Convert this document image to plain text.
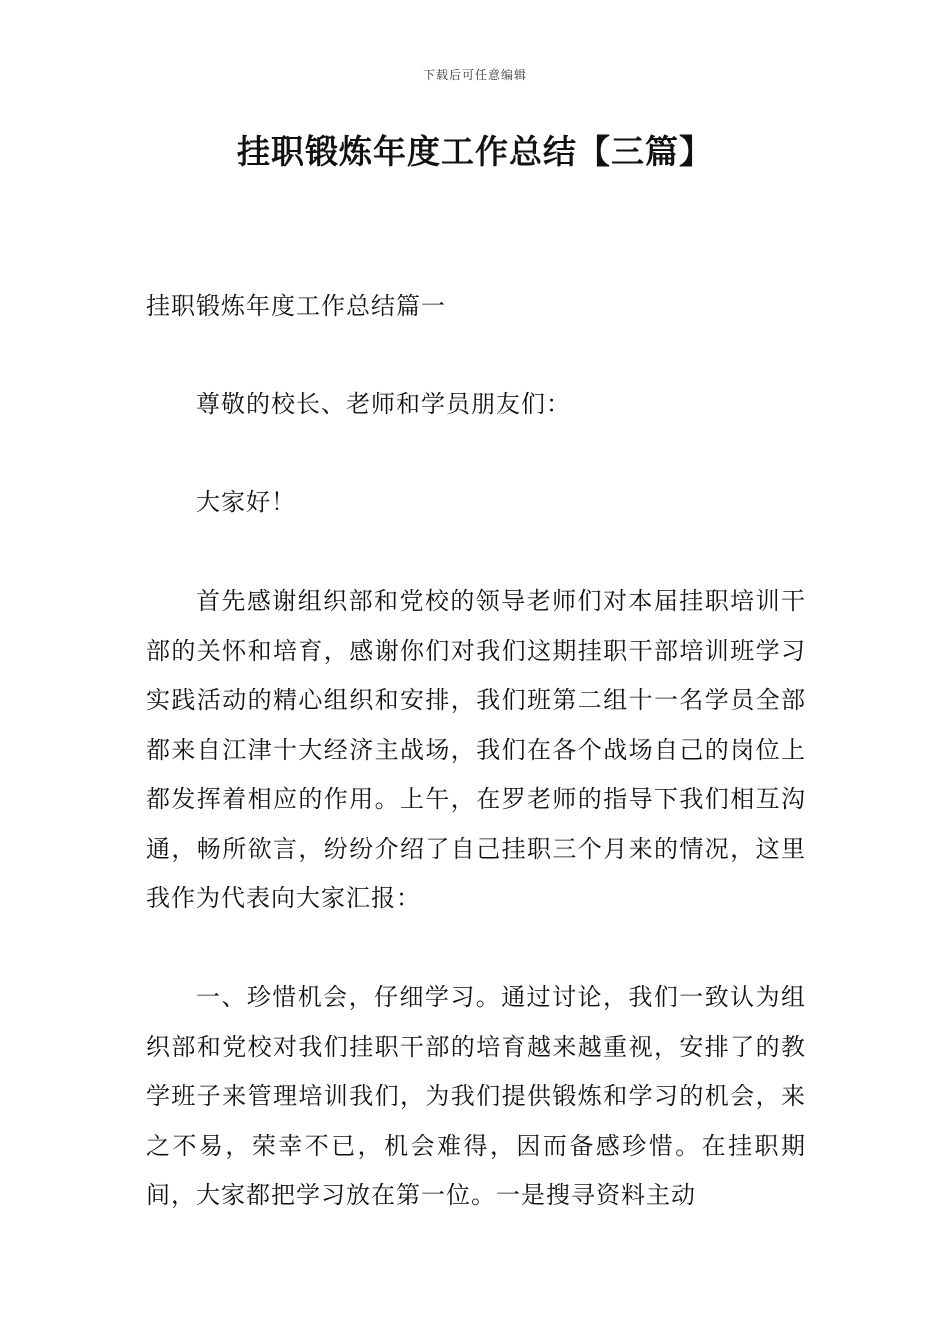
下载后可任意编辑
挂职锻炼年度工作总结【三篇】

挂职锻炼年度工作总结篇一

尊敬的校长、老师和学员朋友们：

大家好！

首先感谢组织部和党校的领导老师们对本届挂职培训干部的关怀和培育，感谢你们对我们这期挂职干部培训班学习实践活动的精心组织和安排，我们班第二组十一名学员全部都来自江津十大经济主战场，我们在各个战场自己的岗位上都发挥着相应的作用。上午，在罗老师的指导下我们相互沟通，畅所欲言，纷纷介绍了自己挂职三个月来的情况，这里我作为代表向大家汇报：

一、珍惜机会，仔细学习。通过讨论，我们一致认为组织部和党校对我们挂职干部的培育越来越重视，安排了的教学班子来管理培训我们，为我们提供锻炼和学习的机会，来之不易，荣幸不已，机会难得，因而备感珍惜。在挂职期间，大家都把学习放在第一位。一是搜寻资料主动
